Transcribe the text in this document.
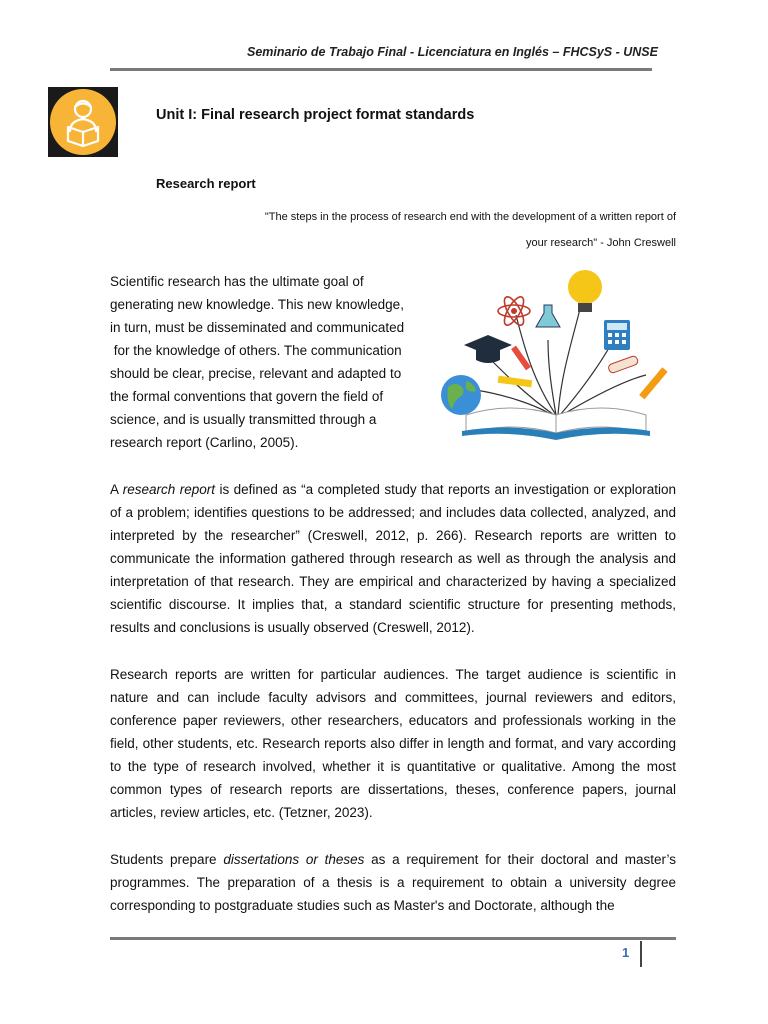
Seminario de Trabajo Final - Licenciatura en Inglés – FHCSyS - UNSE
Unit I: Final research project format standards
Research report
"The steps in the process of research end with the development of a written report of
your research" - John Creswell
Scientific research has the ultimate goal of
generating new knowledge. This new knowledge,
in turn, must be disseminated and communicated
for the knowledge of others. The communication
should be clear, precise, relevant and adapted to
the formal conventions that govern the field of
science, and is usually transmitted through a
research report (Carlino, 2005).
A research report is defined as “a completed study that reports an investigation or exploration of a problem; identifies questions to be addressed; and includes data collected, analyzed, and interpreted by the researcher” (Creswell, 2012, p. 266). Research reports are written to communicate the information gathered through research as well as through the analysis and interpretation of that research. They are empirical and characterized by having a specialized scientific discourse. It implies that, a standard scientific structure for presenting methods, results and conclusions is usually observed (Creswell, 2012).
Research reports are written for particular audiences. The target audience is scientific in nature and can include faculty advisors and committees, journal reviewers and editors, conference paper reviewers, other researchers, educators and professionals working in the field, other students, etc. Research reports also differ in length and format, and vary according to the type of research involved, whether it is quantitative or qualitative. Among the most common types of research reports are dissertations, theses, conference papers, journal articles, review articles, etc. (Tetzner, 2023).
Students prepare dissertations or theses as a requirement for their doctoral and master’s programmes. The preparation of a thesis is a requirement to obtain a university degree corresponding to postgraduate studies such as Master's and Doctorate, although the
1
